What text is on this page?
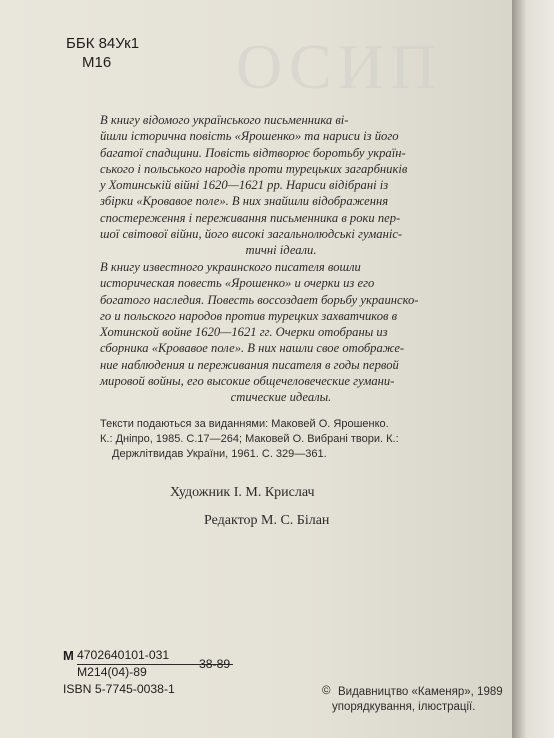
ОСИП
ББК 84Ук1
М16
В книгу відомого українського письменника ві-
йшли історична повість «Ярошенко» та нариси із його
багатої спадщини. Повість відтворює боротьбу україн-
ського і польського народів проти турецьких загарбників
у Хотинській війні 1620—1621 рр. Нариси відібрані із
збірки «Кровавое поле». В них знайшли відображення
спостереження і переживання письменника в роки пер-
шої світової війни, його високі загальнолюдські гуманіс-
тичні ідеали.
В книгу известного украинского писателя вошли
историческая повесть «Ярошенко» и очерки из его
богатого наследия. Повесть воссоздает борьбу украинско-
го и польского народов против турецких захватчиков в
Хотинской войне 1620—1621 гг. Очерки отобраны из
сборника «Кровавое поле». В них нашли свое отображе-
ние наблюдения и переживания писателя в годы первой
мировой войны, его высокие общечеловеческие гумани-
стические идеалы.
Тексти подаються за виданнями: Маковей О. Ярошенко.
К.: Дніпро, 1985. С.17—264; Маковей О. Вибрані твори. К.:
Держлітвидав України, 1961. С. 329—361.
Художник І. М. Крислач
Редактор М. С. Білан
М 4702640101-031
М214(04)-89
38-89
ISBN 5-7745-0038-1	© Видавництво «Каменяр», 1989
упорядкування, ілюстрації.
